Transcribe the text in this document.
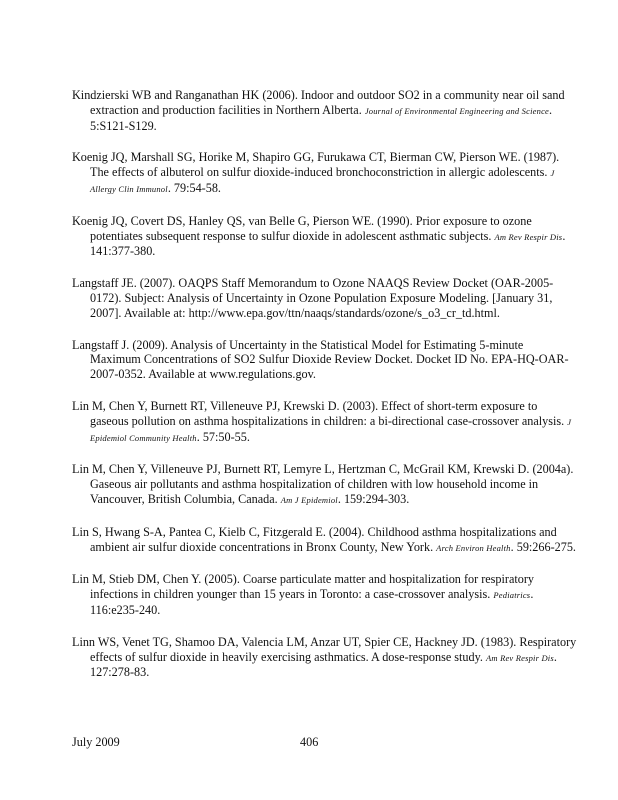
Kindzierski WB and Ranganathan HK (2006). Indoor and outdoor SO2 in a community near oil sand extraction and production facilities in Northern Alberta. Journal of Environmental Engineering and Science. 5:S121-S129.

Koenig JQ, Marshall SG, Horike M, Shapiro GG, Furukawa CT, Bierman CW, Pierson WE. (1987). The effects of albuterol on sulfur dioxide-induced bronchoconstriction in allergic adolescents. J Allergy Clin Immunol. 79:54-58.

Koenig JQ, Covert DS, Hanley QS, van Belle G, Pierson WE. (1990). Prior exposure to ozone potentiates subsequent response to sulfur dioxide in adolescent asthmatic subjects. Am Rev Respir Dis. 141:377-380.

Langstaff JE. (2007). OAQPS Staff Memorandum to Ozone NAAQS Review Docket (OAR-2005-0172). Subject: Analysis of Uncertainty in Ozone Population Exposure Modeling. [January 31, 2007]. Available at: http://www.epa.gov/ttn/naaqs/standards/ozone/s_o3_cr_td.html.

Langstaff J. (2009). Analysis of Uncertainty in the Statistical Model for Estimating 5-minute Maximum Concentrations of SO2 Sulfur Dioxide Review Docket. Docket ID No. EPA-HQ-OAR-2007-0352. Available at www.regulations.gov.

Lin M, Chen Y, Burnett RT, Villeneuve PJ, Krewski D. (2003). Effect of short-term exposure to gaseous pollution on asthma hospitalizations in children: a bi-directional case-crossover analysis. J Epidemiol Community Health. 57:50-55.

Lin M, Chen Y, Villeneuve PJ, Burnett RT, Lemyre L, Hertzman C, McGrail KM, Krewski D. (2004a). Gaseous air pollutants and asthma hospitalization of children with low household income in Vancouver, British Columbia, Canada. Am J Epidemiol. 159:294-303.

Lin S, Hwang S-A, Pantea C, Kielb C, Fitzgerald E. (2004). Childhood asthma hospitalizations and ambient air sulfur dioxide concentrations in Bronx County, New York. Arch Environ Health. 59:266-275.

Lin M, Stieb DM, Chen Y. (2005). Coarse particulate matter and hospitalization for respiratory infections in children younger than 15 years in Toronto: a case-crossover analysis. Pediatrics. 116:e235-240.

Linn WS, Venet TG, Shamoo DA, Valencia LM, Anzar UT, Spier CE, Hackney JD. (1983). Respiratory effects of sulfur dioxide in heavily exercising asthmatics. A dose-response study. Am Rev Respir Dis. 127:278-83.

July 2009	406
